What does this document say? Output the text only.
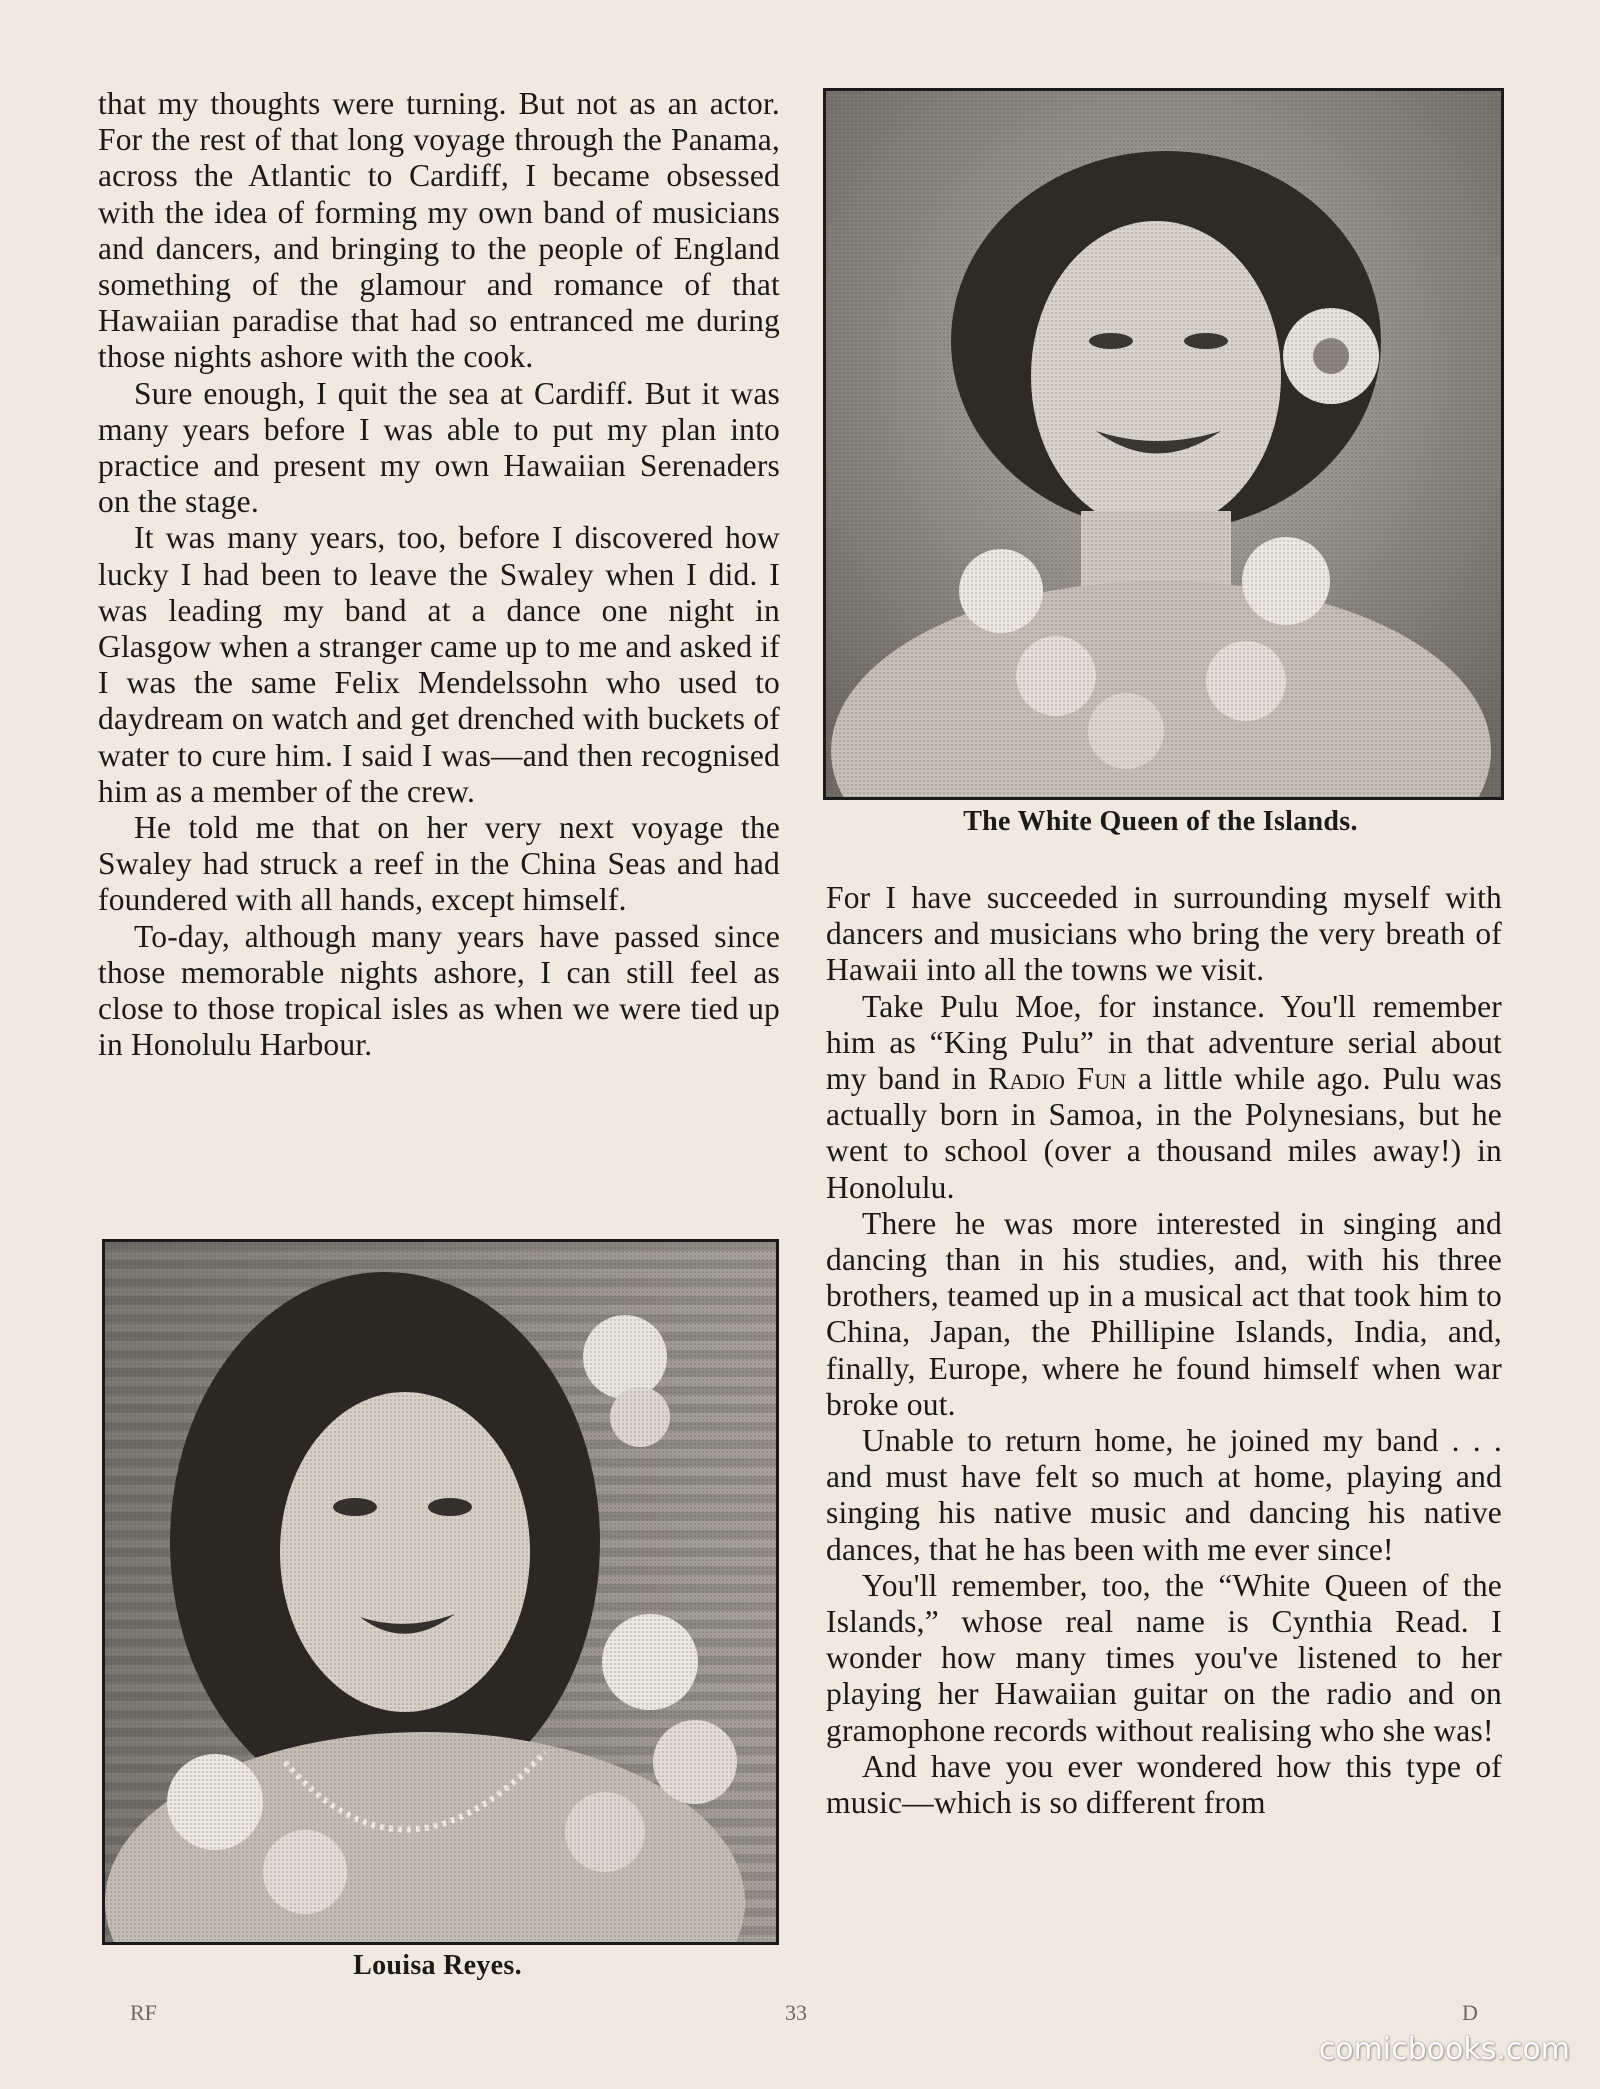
that my thoughts were turning. But not as an actor. For the rest of that long voyage through the Panama, across the Atlantic to Cardiff, I became obsessed with the idea of forming my own band of musicians and dancers, and bringing to the people of England something of the glamour and romance of that Hawaiian paradise that had so entranced me during those nights ashore with the cook.

Sure enough, I quit the sea at Cardiff. But it was many years before I was able to put my plan into practice and present my own Hawaiian Serenaders on the stage.

It was many years, too, before I discovered how lucky I had been to leave the Swaley when I did. I was leading my band at a dance one night in Glasgow when a stranger came up to me and asked if I was the same Felix Mendelssohn who used to daydream on watch and get drenched with buckets of water to cure him. I said I was—and then recognised him as a member of the crew.

He told me that on her very next voyage the Swaley had struck a reef in the China Seas and had foundered with all hands, except himself.

To-day, although many years have passed since those memorable nights ashore, I can still feel as close to those tropical isles as when we were tied up in Honolulu Harbour.

The White Queen of the Islands.
Louisa Reyes.

For I have succeeded in surrounding myself with dancers and musicians who bring the very breath of Hawaii into all the towns we visit.

Take Pulu Moe, for instance. You'll remember him as “King Pulu” in that adventure serial about my band in Radio Fun a little while ago. Pulu was actually born in Samoa, in the Polynesians, but he went to school (over a thousand miles away!) in Honolulu.

There he was more interested in singing and dancing than in his studies, and, with his three brothers, teamed up in a musical act that took him to China, Japan, the Phillipine Islands, India, and, finally, Europe, where he found himself when war broke out.

Unable to return home, he joined my band . . . and must have felt so much at home, playing and singing his native music and dancing his native dances, that he has been with me ever since!

You'll remember, too, the “White Queen of the Islands,” whose real name is Cynthia Read. I wonder how many times you've listened to her playing her Hawaiian guitar on the radio and on gramophone records without realising who she was!

And have you ever wondered how this type of music—which is so different from

RF	33	D
comicbooks.com
